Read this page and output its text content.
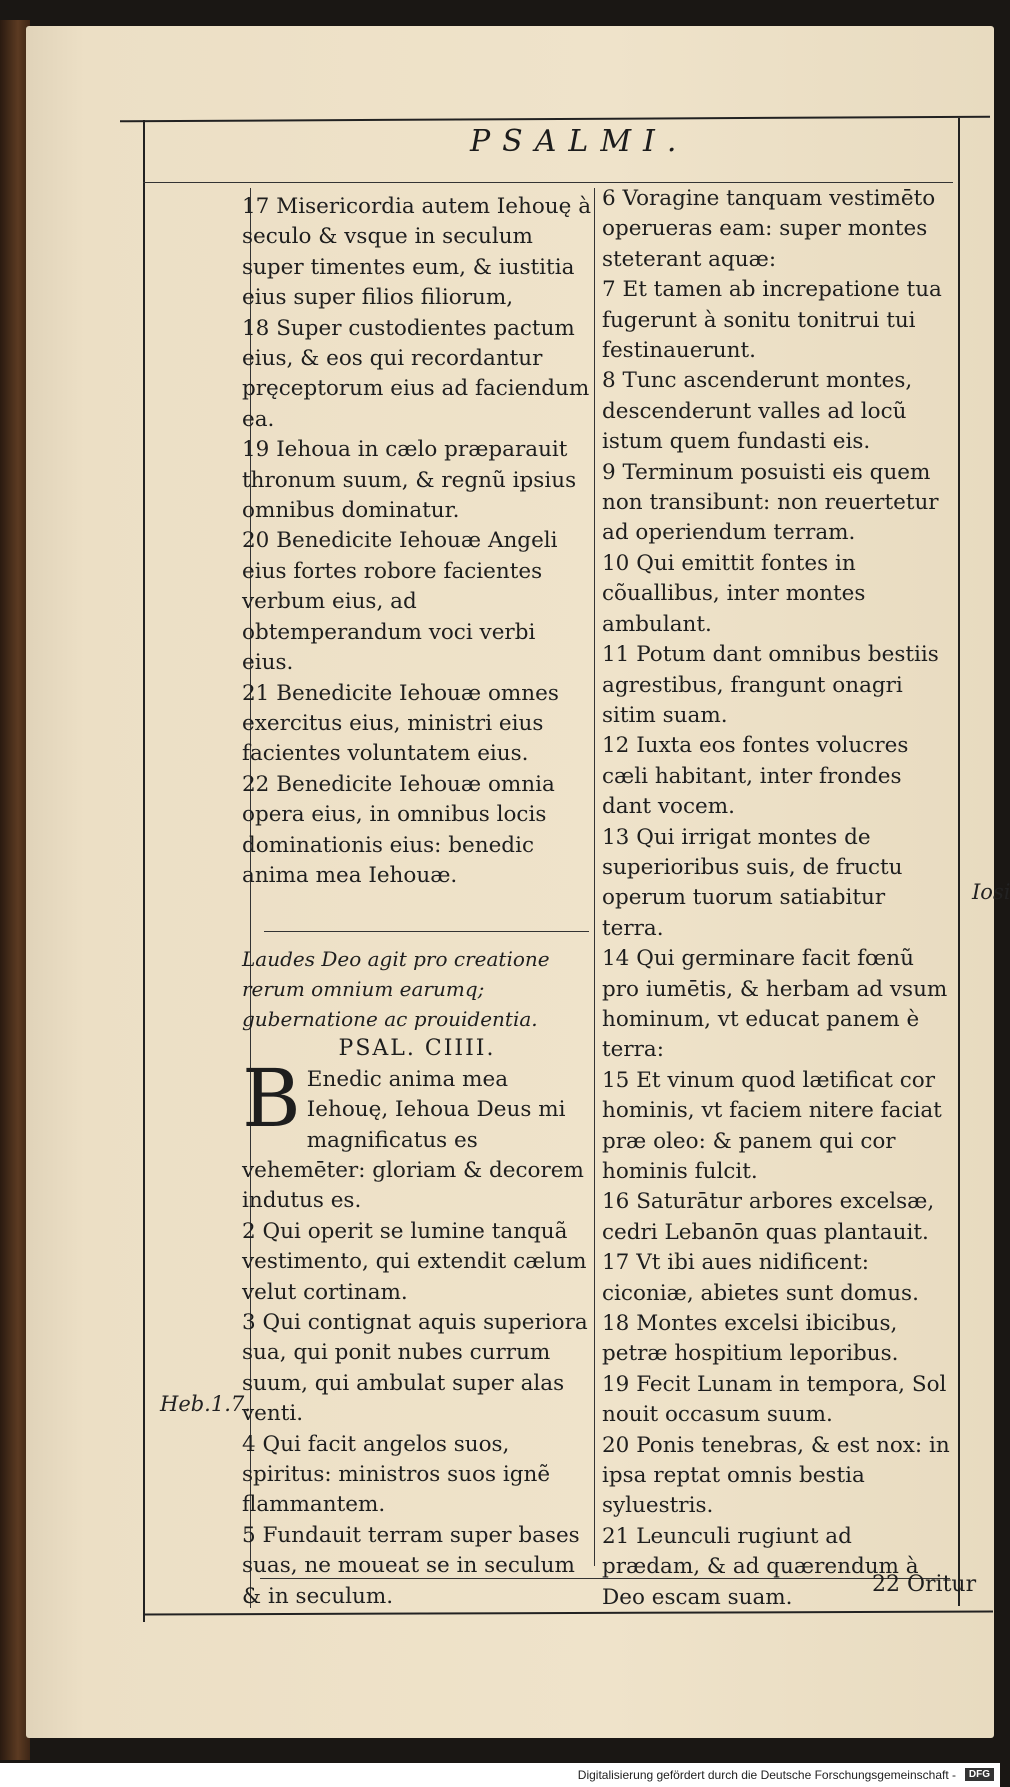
PSALMI.

17 Misericordia autem Iehouę à seculo & vsque in seculum super timentes eum, & iustitia eius super filios filiorum,

18 Super custodientes pactum eius, & eos qui recordantur pręceptorum eius ad faciendum ea.

19 Iehoua in cælo præparauit thronum suum, & regnũ ipsius omnibus dominatur.

20 Benedicite Iehouæ Angeli eius fortes robore facientes verbum eius, ad obtemperandum voci verbi eius.

21 Benedicite Iehouæ omnes exercitus eius, ministri eius facientes voluntatem eius.

22 Benedicite Iehouæ omnia opera eius, in omnibus locis dominationis eius: benedic anima mea Iehouæ.

Laudes Deo agit pro creatione rerum omnium earumq; gubernatione ac prouidentia.

PSAL. CIIII.

B Enedic anima mea Iehouę, Iehoua Deus mi magnificatus es vehemēter: gloriam & decorem indutus es.

2 Qui operit se lumine tanquã vestimento, qui extendit cælum velut cortinam.

3 Qui contignat aquis superiora sua, qui ponit nubes currum suum, qui ambulat super alas venti.

4 Qui facit angelos suos, spiritus: ministros suos ignẽ flammantem.

5 Fundauit terram super bases suas, ne moueat se in seculum & in seculum.

6 Voragine tanquam vestimēto operueras eam: super montes steterant aquæ:

7 Et tamen ab increpatione tua fugerunt à sonitu tonitrui tui festinauerunt.

8 Tunc ascenderunt montes, descenderunt valles ad locũ istum quem fundasti eis.

9 Terminum posuisti eis quem non transibunt: non reuertetur ad operiendum terram.

10 Qui emittit fontes in cõuallibus, inter montes ambulant.

11 Potum dant omnibus bestiis agrestibus, frangunt onagri sitim suam.

12 Iuxta eos fontes volucres cæli habitant, inter frondes dant vocem.

13 Qui irrigat montes de superioribus suis, de fructu operum tuorum satiabitur terra.

14 Qui germinare facit fœnũ pro iumētis, & herbam ad vsum hominum, vt educat panem è terra:

15 Et vinum quod lætificat cor hominis, vt faciem nitere faciat præ oleo: & panem qui cor hominis fulcit.

16 Saturātur arbores excelsæ, cedri Lebanōn quas plantauit.

17 Vt ibi aues nidificent: ciconiæ, abietes sunt domus.

18 Montes excelsi ibicibus, petræ hospitium leporibus.

19 Fecit Lunam in tempora, Sol nouit occasum suum.

20 Ponis tenebras, & est nox: in ipsa reptat omnis bestia syluestris.

21 Leunculi rugiunt ad prædam, & ad quærendum à Deo escam suam.

Heb.1.7.
Iosi
22 Oritur
Digitalisierung gefördert durch die Deutsche Forschungsgemeinschaft -	DFG
